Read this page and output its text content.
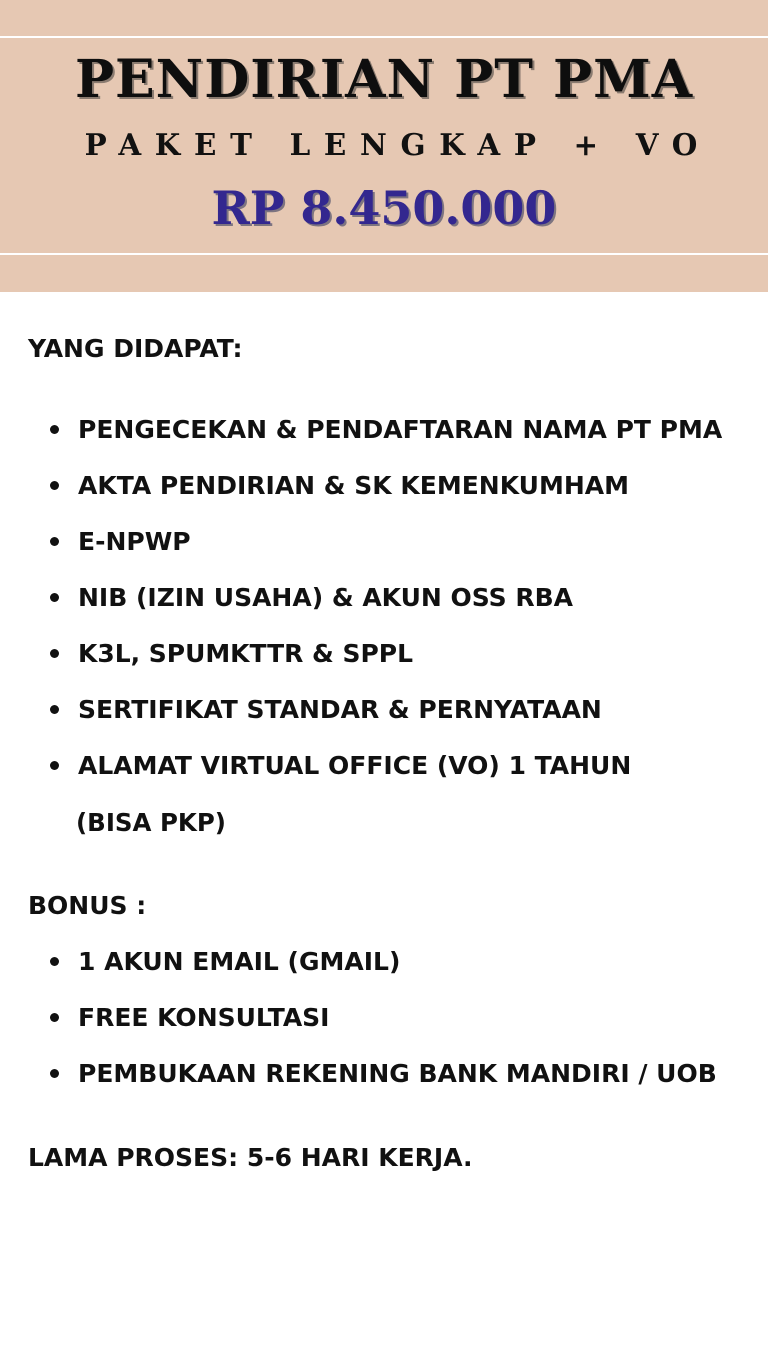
PENDIRIAN PT PMA
PAKET LENGKAP + VO
RP 8.450.000
YANG DIDAPAT:
PENGECEKAN & PENDAFTARAN NAMA PT PMA
AKTA PENDIRIAN & SK KEMENKUMHAM
E-NPWP
NIB (IZIN USAHA) & AKUN OSS RBA
K3L, SPUMKTTR & SPPL
SERTIFIKAT STANDAR & PERNYATAAN
ALAMAT VIRTUAL OFFICE (VO) 1 TAHUN
(BISA PKP)
BONUS :
1 AKUN EMAIL (GMAIL)
FREE KONSULTASI
PEMBUKAAN REKENING BANK MANDIRI / UOB
LAMA PROSES: 5-6 HARI KERJA.
